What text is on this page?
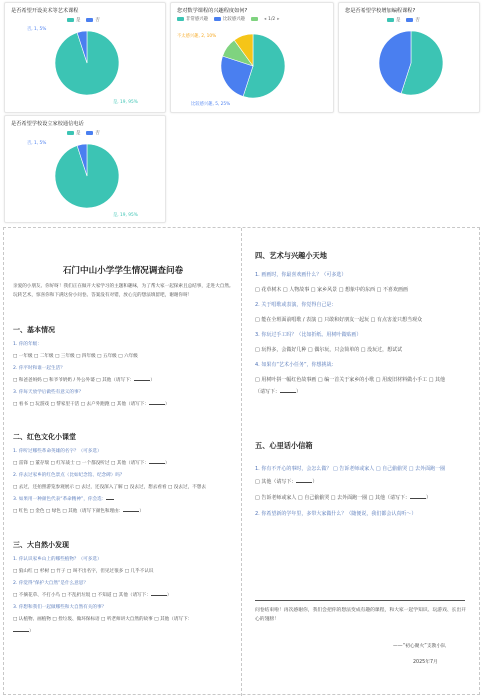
是否希望开设美术等艺术课程
是	否
否, 1, 5%
是, 19, 95%
您对数学课程的兴趣程度如何?
非常感兴趣	比较感兴趣	◂ 1/2 ▸
不太感兴趣, 2, 10%
比较感兴趣, 5, 25%
您是否希望学校增加编程课程?
是	否
是否希望学校设立家校通信电话
是	否
否, 1, 5%
是, 19, 95%
石门中山小学学生情况调查问卷
亲爱的小朋友、你好呀！我们正在做开大家学习的主题和趣味，为了帮大家一起探索且总结事，走进大自然。玩转艺术，惊喜你和下满这份小问卷。答案没有对错，放心完的想法填留吧，谢谢你呀！
一、基本情况
1. 你的年级：
□ 一年级 □ 二年级 □ 三年级 □ 四年级 □ 五年级 □ 六年级
2. 你平时和谁一起生活？
□ 和爸爸妈妈 □ 和爷爷奶奶 / 外公外婆 □ 其他（请写下：	）
3. 你每天放学后做些有意义的事？
□ 看书 □ 玩游戏 □ 帮家里干活 □ 去户外跑跑 □ 其他（请写下：	）
二、红色文化小课堂
1. 你听过哪些革命英雄的名字？（可多选）
□ 雷锋 □ 董存瑞 □ 红军战士 □ 一个都没听过 □ 其他（请写下：	）
2. 你去过家乡的红色景点（比如纪念馆、纪念碑）吗？
□ 去过，还拍照游览参观展示 □ 去过，还没深入了解 □ 没去过，想去看看 □ 没去过，不想去
3. 如果用一种颜色代表“革命精神”，你会选：
□ 红色 □ 金色 □ 绿色 □ 其他（请写下颜色和理由：	）
三、大自然小发现
1. 你认识家乡山上的哪些植物？（可多选）
□ 狼山红 □ 杉树 □ 竹子 □ 叫不出名字，但见过很多 □ 几乎不认识
2. 你觉得“保护大自然”是什么意思？
□ 不摘花草、不打小鸟 □ 不乱扔垃圾 □ 不知道 □ 其他（请写下：	）
3. 你想和我们一起做哪些和大自然有关的事？
□ 认植物、画植物 □ 捡垃圾、做环保标语 □ 听老师讲大自然的故事 □ 其他（请写下：
）
四、艺术与兴趣小天地
1. 画画时，你最喜欢画什么？（可多选）
□ 花草树木 □ 人物故事 □ 家乡风景 □ 想象中的东西 □ 不喜欢画画
2. 关于唱歌或表演，你觉得自己是：
□ 能在全班面前唱歌 / 表演 □ 只敢和好朋友一起玩 □ 有点害羞只想当观众
3. 你玩过手工吗？（比如折纸、用树叶做贴画）
□ 玩得多，会做好几种 □ 偶尔玩，只会简单的 □ 没玩过，想试试
4. 如果有“艺术小任务”，你想挑战：
□ 用树叶拼一幅红色故事画 □ 编一首关于家乡的小歌 □ 用废旧材料做小手工 □ 其他
（请写下：	）
五、心里话小信箱
1. 你有不开心的事时，会怎么做？ □ 告诉老师或家人 □ 自己偷偷哭 □ 去外面跑一圈
□ 其他（请写下：	）
□ 告诉老师或家人 □ 自己偷偷哭 □ 去外面跑一圈 □ 其他（请写下：	）
2. 你希望新的学年里，多带大家做什么？（随便说，我们都会认真听～）
问卷结束啦！再次感谢你，我们会把你的想法变成有趣的课程，和大家一起学知识、玩游戏、长出开心的翅膀！
——“初心聚火”支教小队
2025年7月
